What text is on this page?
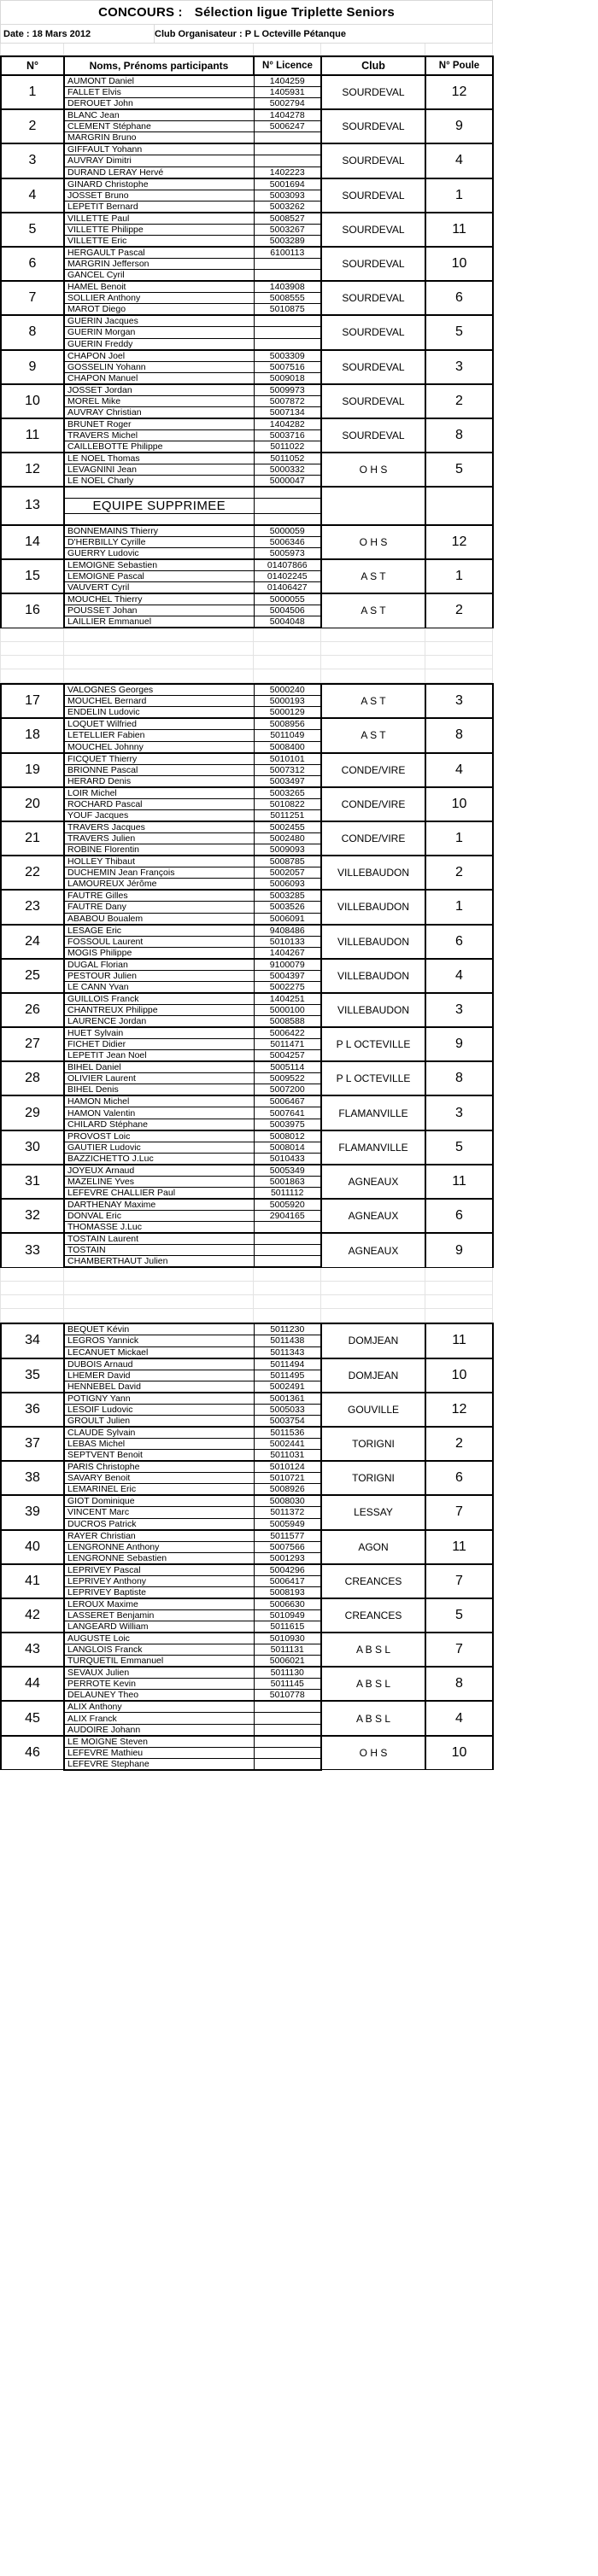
CONCOURS : Sélection ligue Triplette Seniors
Date : 18 Mars 2012	Club Organisateur : P L Octeville Pétanque

N°	Noms, Prénoms participants	N° Licence	Club	N° Poule
1	AUMONT Daniel	1404259	SOURDEVAL	12
	FALLET Elvis	1405931		
	DEROUET John	5002794		
2	BLANC Jean	1404278	SOURDEVAL	9
	CLEMENT Stéphane	5006247		
	MARGRIN Bruno			
3	GIFFAULT Yohann		SOURDEVAL	4
	AUVRAY Dimitri			
	DURAND LERAY Hervé	1402223		
4	GINARD Christophe	5001694	SOURDEVAL	1
	JOSSET Bruno	5003093		
	LEPETIT Bernard	5003262		
5	VILLETTE Paul	5008527	SOURDEVAL	11
	VILLETTE Philippe	5003267		
	VILLETTE Eric	5003289		
6	HERGAULT Pascal	6100113	SOURDEVAL	10
	MARGRIN Jefferson			
	GANCEL Cyril			
7	HAMEL Benoit	1403908	SOURDEVAL	6
	SOLLIER Anthony	5008555		
	MAROT Diego	5010875		
8	GUERIN Jacques		SOURDEVAL	5
	GUERIN Morgan			
	GUERIN Freddy			
9	CHAPON Joel	5003309	SOURDEVAL	3
	GOSSELIN Yohann	5007516		
	CHAPON Manuel	5009018		
10	JOSSET Jordan	5009973	SOURDEVAL	2
	MOREL Mike	5007872		
	AUVRAY Christian	5007134		
11	BRUNET Roger	1404282	SOURDEVAL	8
	TRAVERS Michel	5003716		
	CAILLEBOTTE Philippe	5011022		
12	LE NOEL Thomas	5011052	O H S	5
	LEVAGNINI Jean	5000332		
	LE NOEL Charly	5000047		
13				
	EQUIPE SUPPRIMEE			

14	BONNEMAINS Thierry	5000059	O H S	12
	D'HERBILLY Cyrille	5006346		
	GUERRY Ludovic	5005973		
15	LEMOIGNE Sebastien	01407866	A S T	1
	LEMOIGNE Pascal	01402245		
	VAUVERT Cyril	01406427		
16	MOUCHEL Thierry	5000055	A S T	2
	POUSSET Johan	5004506		
	LAILLIER Emmanuel	5004048		

17	VALOGNES Georges	5000240	A S T	3
	MOUCHEL Bernard	5000193		
	ENDELIN Ludovic	5000129		
18	LOQUET Wilfried	5008956	A S T	8
	LETELLIER Fabien	5011049		
	MOUCHEL Johnny	5008400		
19	FICQUET Thierry	5010101	CONDE/VIRE	4
	BRIONNE Pascal	5007312		
	HERARD Denis	5003497		
20	LOIR Michel	5003265	CONDE/VIRE	10
	ROCHARD Pascal	5010822		
	YOUF Jacques	5011251		
21	TRAVERS Jacques	5002455	CONDE/VIRE	1
	TRAVERS Julien	5002480		
	ROBINE Florentin	5009093		
22	HOLLEY Thibaut	5008785	VILLEBAUDON	2
	DUCHEMIN Jean François	5002057		
	LAMOUREUX Jérôme	5006093		
23	FAUTRE Gilles	5003285	VILLEBAUDON	1
	FAUTRE Dany	5003526		
	ABABOU Boualem	5006091		
24	LESAGE Eric	9408486	VILLEBAUDON	6
	FOSSOUL Laurent	5010133		
	MOGIS Philippe	1404267		
25	DUGAL Florian	9100079	VILLEBAUDON	4
	PESTOUR Julien	5004397		
	LE CANN Yvan	5002275		
26	GUILLOIS Franck	1404251	VILLEBAUDON	3
	CHANTREUX Philippe	5000100		
	LAURENCE Jordan	5008588		
27	HUET Sylvain	5006422	P L OCTEVILLE	9
	FICHET Didier	5011471		
	LEPETIT Jean Noel	5004257		
28	BIHEL Daniel	5005114	P L OCTEVILLE	8
	OLIVIER Laurent	5009522		
	BIHEL Denis	5007200		
29	HAMON Michel	5006467	FLAMANVILLE	3
	HAMON Valentin	5007641		
	CHILARD Stéphane	5003975		
30	PROVOST Loic	5008012	FLAMANVILLE	5
	GAUTIER Ludovic	5008014		
	BAZZICHETTO J.Luc	5010433		
31	JOYEUX Arnaud	5005349	AGNEAUX	11
	MAZELINE Yves	5001863		
	LEFEVRE CHALLIER Paul	5011112		
32	DARTHENAY Maxime	5005920	AGNEAUX	6
	DONVAL Eric	2904165		
	THOMASSE J.Luc			
33	TOSTAIN Laurent		AGNEAUX	9
	TOSTAIN			
	CHAMBERTHAUT Julien			

34	BEQUET Kévin	5011230	DOMJEAN	11
	LEGROS Yannick	5011438		
	LECANUET Mickael	5011343		
35	DUBOIS Arnaud	5011494	DOMJEAN	10
	LHEMER David	5011495		
	HENNEBEL David	5002491		
36	POTIGNY Yann	5001361	GOUVILLE	12
	LESOIF Ludovic	5005033		
	GROULT Julien	5003754		
37	CLAUDE Sylvain	5011536	TORIGNI	2
	LEBAS Michel	5002441		
	SEPTVENT Benoit	5011031		
38	PARIS Christophe	5010124	TORIGNI	6
	SAVARY Benoit	5010721		
	LEMARINEL Eric	5008926		
39	GIOT Dominique	5008030	LESSAY	7
	VINCENT Marc	5011372		
	DUCROS Patrick	5005949		
40	RAYER Christian	5011577	AGON	11
	LENGRONNE Anthony	5007566		
	LENGRONNE Sebastien	5001293		
41	LEPRIVEY Pascal	5004296	CREANCES	7
	LEPRIVEY Anthony	5006417		
	LEPRIVEY Baptiste	5008193		
42	LEROUX Maxime	5006630	CREANCES	5
	LASSERET Benjamin	5010949		
	LANGEARD William	5011615		
43	AUGUSTE Loic	5010930	A B S L	7
	LANGLOIS Franck	5011131		
	TURQUETIL Emmanuel	5006021		
44	SEVAUX Julien	5011130	A B S L	8
	PERROTE Kevin	5011145		
	DELAUNEY Theo	5010778		
45	ALIX Anthony		A B S L	4
	ALIX Franck			
	AUDOIRE Johann			
46	LE MOIGNE Steven		O H S	10
	LEFEVRE Mathieu			
	LEFEVRE Stephane			
